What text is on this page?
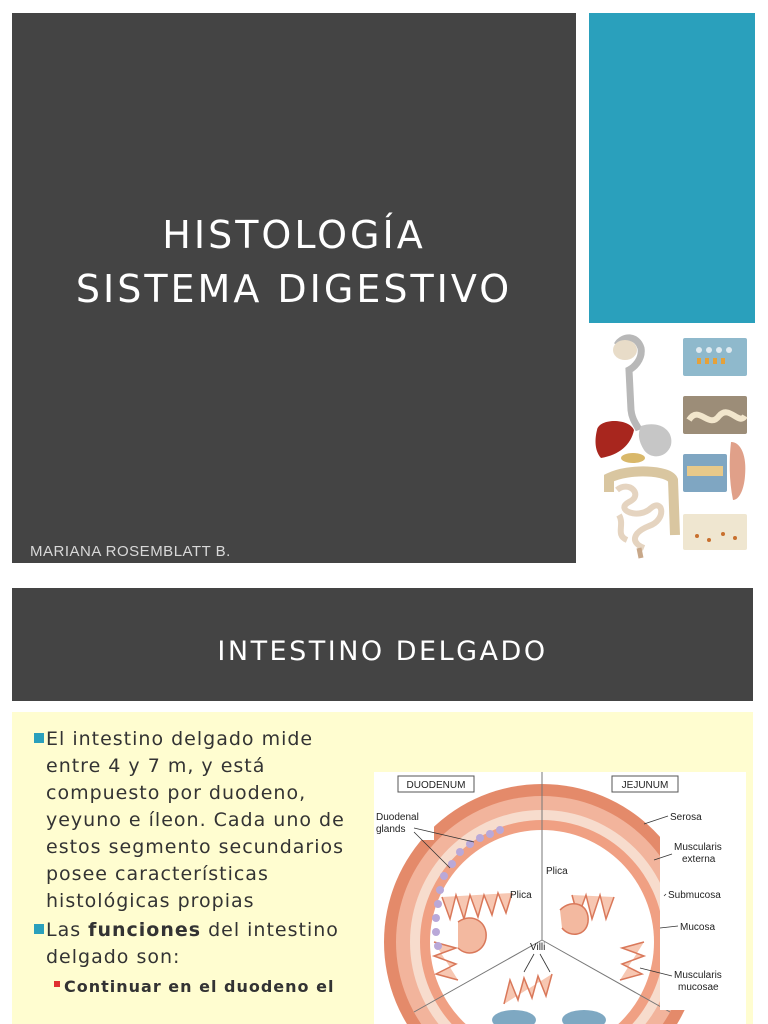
HISTOLOGÍA
SISTEMA DIGESTIVO
MARIANA ROSEMBLATT B.
INTESTINO DELGADO
El intestino delgado mide entre 4 y 7 m, y está compuesto por duodeno, yeyuno e íleon. Cada uno de estos segmento secundarios posee características histológicas propias
Las funciones del intestino delgado son:
Continuar en el duodeno el
DUODENUM	JEJUNUM
Duodenal
glands
Plica
Plica
Villi
Serosa
Muscularis
externa
Submucosa
Mucosa
Muscularis
mucosae
